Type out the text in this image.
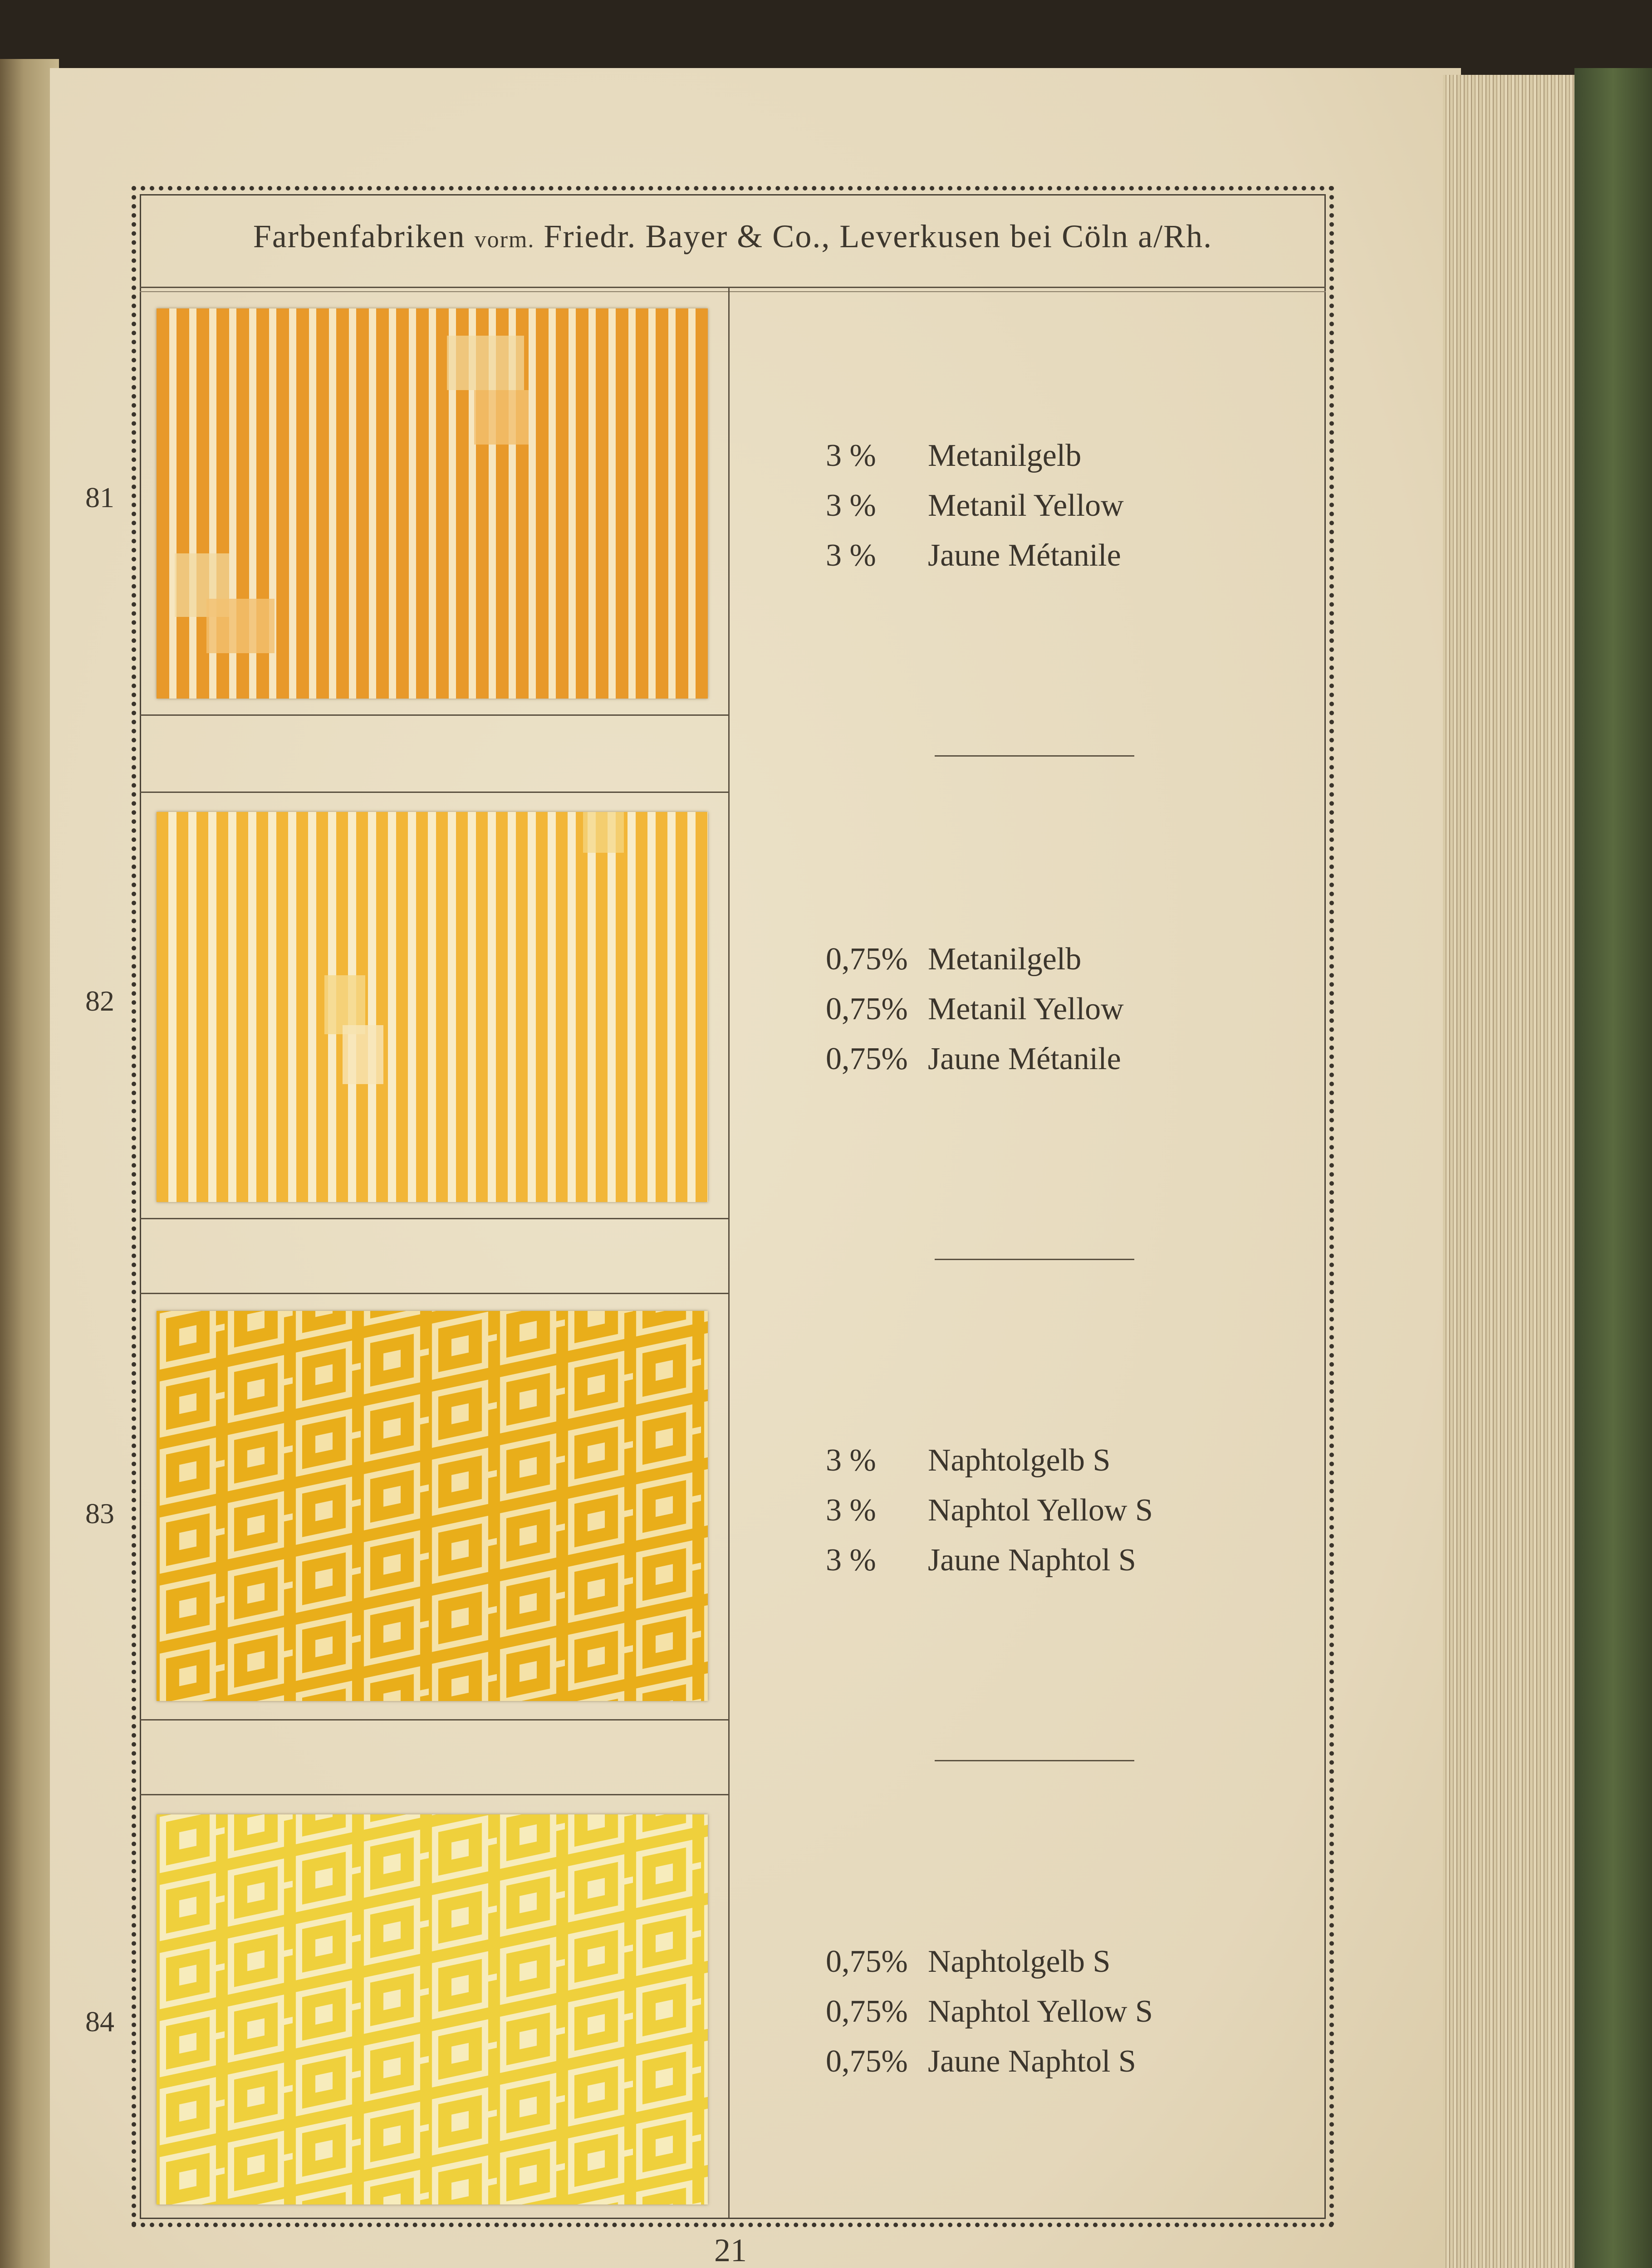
Farbenfabriken vorm. Friedr. Bayer & Co., Leverkusen bei Cöln a/Rh.
81
3 % Metanilgelb
3 % Metanil Yellow
3 % Jaune Métanile
82
0,75% Metanilgelb
0,75% Metanil Yellow
0,75% Jaune Métanile
83
3 % Naphtolgelb S
3 % Naphtol Yellow S
3 % Jaune Naphtol S
84
0,75% Naphtolgelb S
0,75% Naphtol Yellow S
0,75% Jaune Naphtol S
21
